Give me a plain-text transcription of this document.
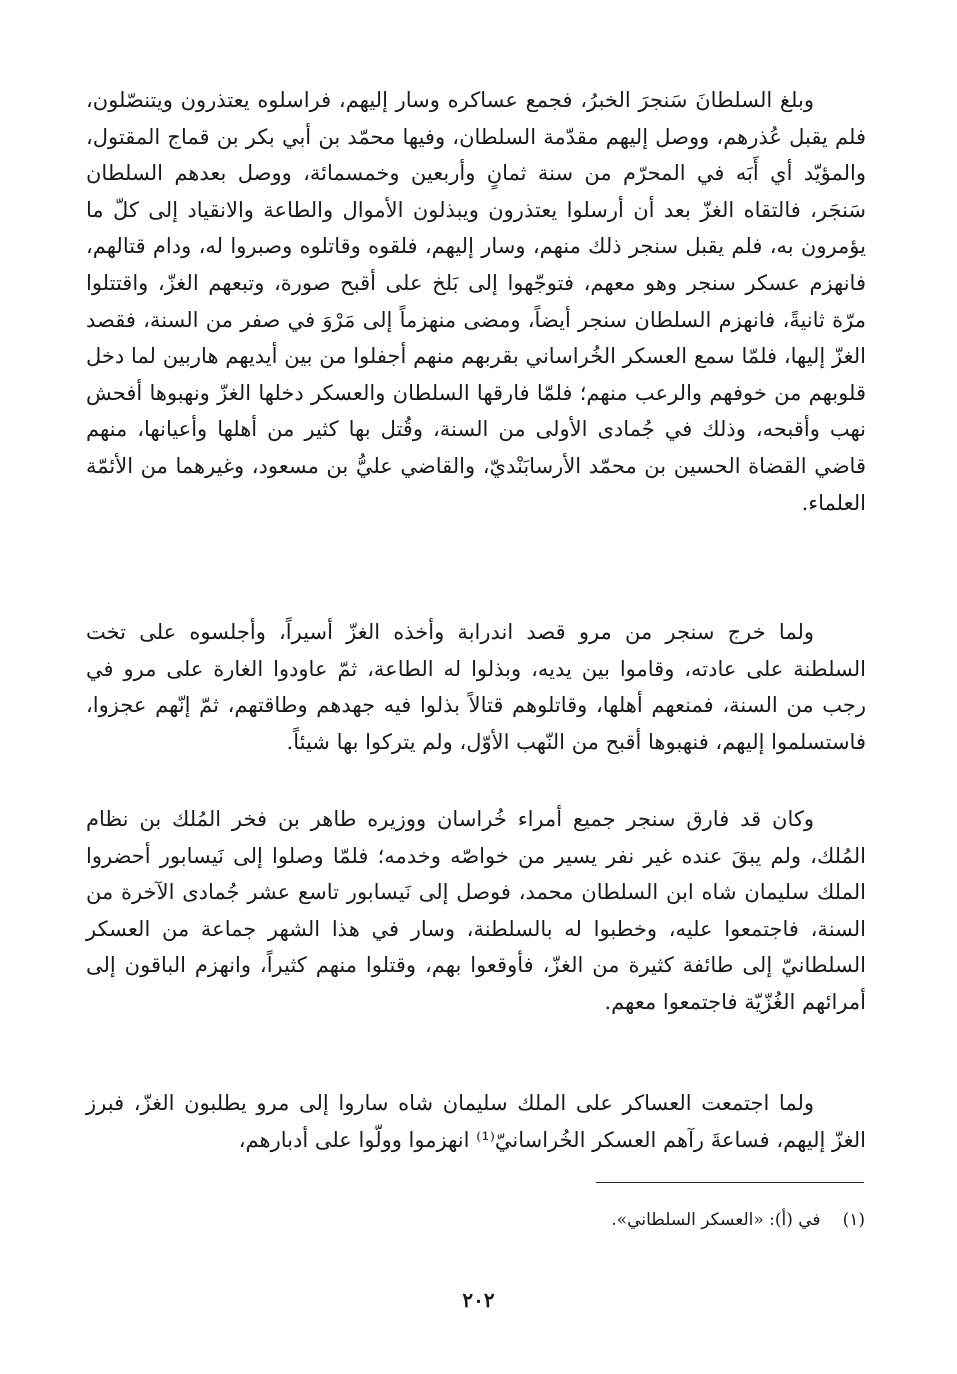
وبلغ السلطانَ سَنجرَ الخبرُ، فجمع عساكره وسار إليهم، فراسلوه يعتذرون ويتنصّلون، فلم يقبل عُذرهم، ووصل إليهم مقدّمة السلطان، وفيها محمّد بن أبي بكر بن قماج المقتول، والمؤيّد أي أَبَه في المحرّم من سنة ثمانٍ وأربعين وخمسمائة، ووصل بعدهم السلطان سَنجَر، فالتقاه الغزّ بعد أن أرسلوا يعتذرون ويبذلون الأموال والطاعة والانقياد إلى كلّ ما يؤمرون به، فلم يقبل سنجر ذلك منهم، وسار إليهم، فلقوه وقاتلوه وصبروا له، ودام قتالهم، فانهزم عسكر سنجر وهو معهم، فتوجّهوا إلى بَلخ على أقبح صورة، وتبعهم الغزّ، واقتتلوا مرّة ثانيةً، فانهزم السلطان سنجر أيضاً، ومضى منهزماً إلى مَرْوَ في صفر من السنة، فقصد الغزّ إليها، فلمّا سمع العسكر الخُراساني بقربهم منهم أجفلوا من بين أيديهم هاربين لما دخل قلوبهم من خوفهم والرعب منهم؛ فلمّا فارقها السلطان والعسكر دخلها الغزّ ونهبوها أفحش نهب وأقبحه، وذلك في جُمادى الأولى من السنة، وقُتل بها كثير من أهلها وأعيانها، منهم قاضي القضاة الحسين بن محمّد الأرسابَنْديّ، والقاضي عليُّ بن مسعود، وغيرهما من الأئمّة العلماء.

ولما خرج سنجر من مرو قصد اندرابة وأخذه الغزّ أسيراً، وأجلسوه على تخت السلطنة على عادته، وقاموا بين يديه، وبذلوا له الطاعة، ثمّ عاودوا الغارة على مرو في رجب من السنة، فمنعهم أهلها، وقاتلوهم قتالاً بذلوا فيه جهدهم وطاقتهم، ثمّ إنّهم عجزوا، فاستسلموا إليهم، فنهبوها أقبح من النّهب الأوّل، ولم يتركوا بها شيئاً.

وكان قد فارق سنجر جميع أمراء خُراسان ووزيره طاهر بن فخر المُلك بن نظام المُلك، ولم يبقَ عنده غير نفر يسير من خواصّه وخدمه؛ فلمّا وصلوا إلى نَيسابور أحضروا الملك سليمان شاه ابن السلطان محمد، فوصل إلى نَيسابور تاسع عشر جُمادى الآخرة من السنة، فاجتمعوا عليه، وخطبوا له بالسلطنة، وسار في هذا الشهر جماعة من العسكر السلطانيّ إلى طائفة كثيرة من الغزّ، فأوقعوا بهم، وقتلوا منهم كثيراً، وانهزم الباقون إلى أمرائهم الغُزّيّة فاجتمعوا معهم.

ولما اجتمعت العساكر على الملك سليمان شاه ساروا إلى مرو يطلبون الغزّ، فبرز الغزّ إليهم، فساعةَ رآهم العسكر الخُراسانيّ⁽¹⁾ انهزموا وولّوا على أدبارهم،

(١)في (أ): «العسكر السلطاني».
٢٠٢
